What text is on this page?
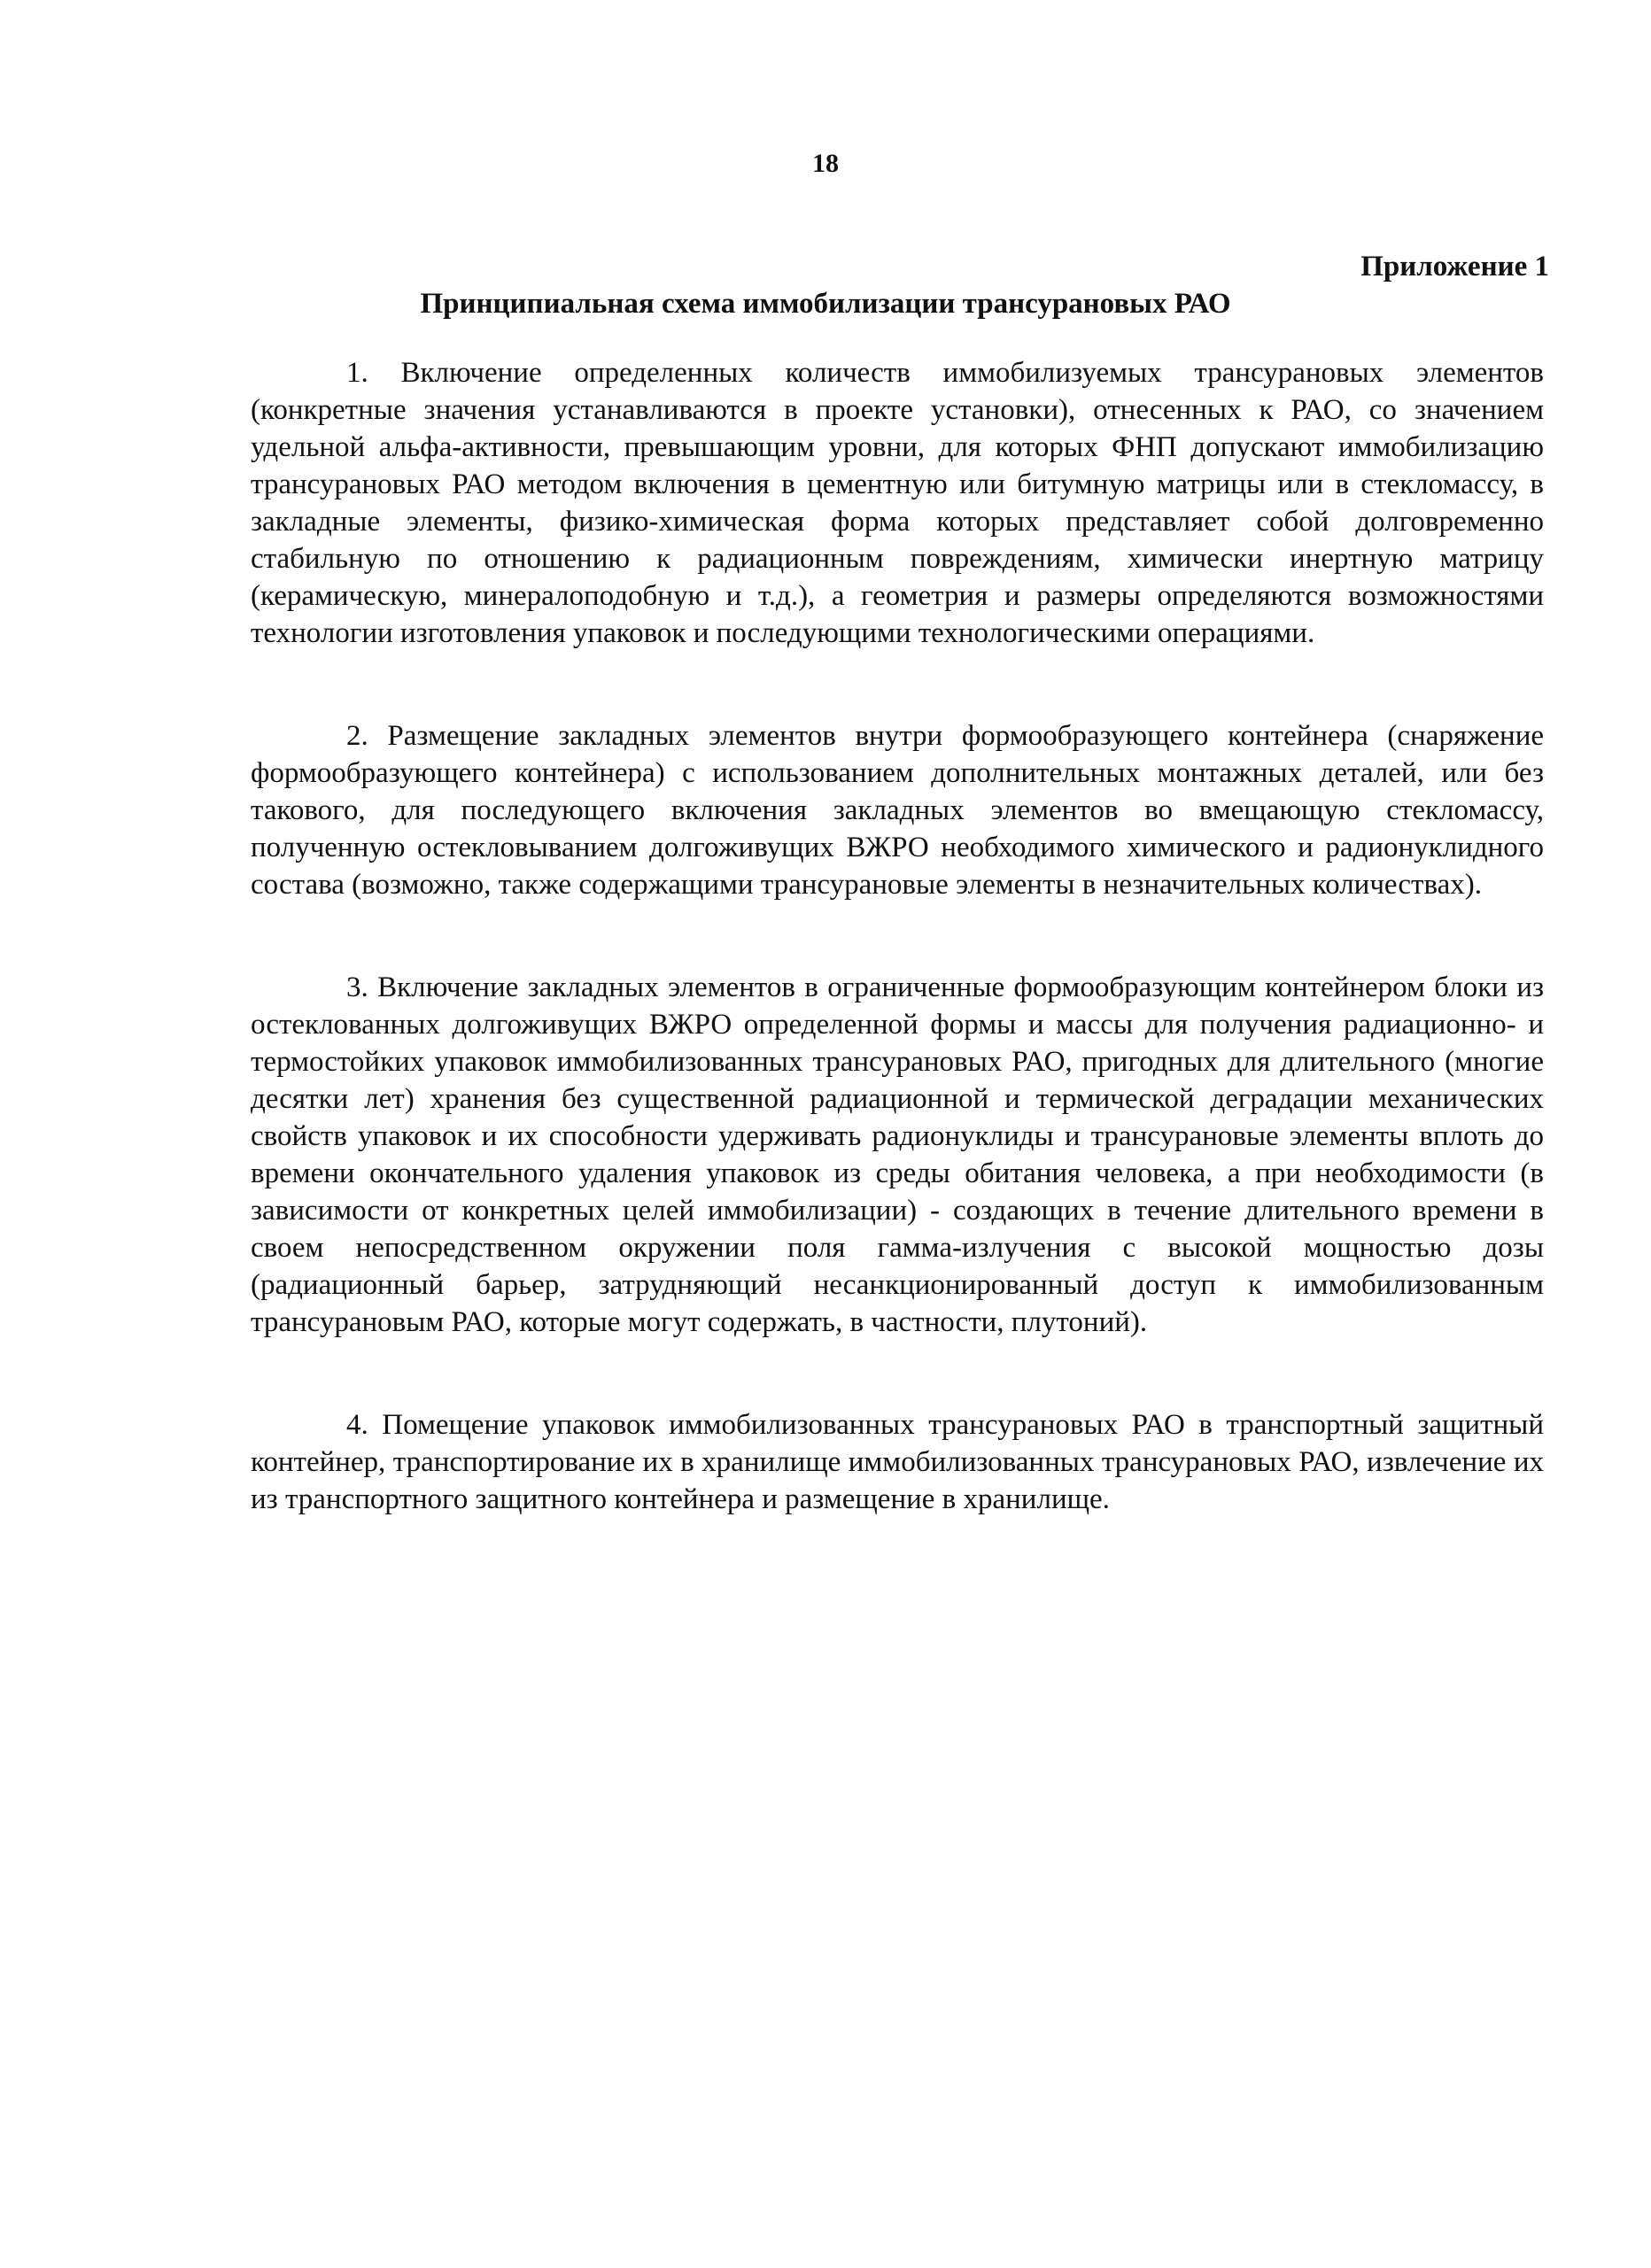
18
Приложение 1
Принципиальная схема иммобилизации трансурановых РАО

1. Включение определенных количеств иммобилизуемых трансурановых элементов (конкретные значения устанавливаются в проекте установки), отнесенных к РАО, со значением удельной альфа-активности, превышающим уровни, для которых ФНП допускают иммобилизацию трансурановых РАО методом включения в цементную или битумную матрицы или в стекломассу, в закладные элементы, физико-химическая форма которых представляет собой долговременно стабильную по отношению к радиационным повреждениям, химически инертную матрицу (керамическую, минералоподобную и т.д.), а геометрия и размеры определяются возможностями технологии изготовления упаковок и последующими технологическими операциями.

2. Размещение закладных элементов внутри формообразующего контейнера (снаряжение формообразующего контейнера) с использованием дополнительных монтажных деталей, или без такового, для последующего включения закладных элементов во вмещающую стекломассу, полученную остекловыванием долгоживущих ВЖРО необходимого химического и радионуклидного состава (возможно, также содержащими трансурановые элементы в незначительных количествах).

3. Включение закладных элементов в ограниченные формообразующим контейнером блоки из остеклованных долгоживущих ВЖРО определенной формы и массы для получения радиационно- и термостойких упаковок иммобилизованных трансурановых РАО, пригодных для длительного (многие десятки лет) хранения без существенной радиационной и термической деградации механических свойств упаковок и их способности удерживать радионуклиды и трансурановые элементы вплоть до времени окончательного удаления упаковок из среды обитания человека, а при необходимости (в зависимости от конкретных целей иммобилизации) - создающих в течение длительного времени в своем непосредственном окружении поля гамма-излучения с высокой мощностью дозы (радиационный барьер, затрудняющий несанкционированный доступ к иммобилизованным трансурановым РАО, которые могут содержать, в частности, плутоний).

4. Помещение упаковок иммобилизованных трансурановых РАО в транспортный защитный контейнер, транспортирование их в хранилище иммобилизованных трансурановых РАО, извлечение их из транспортного защитного контейнера и размещение в хранилище.
